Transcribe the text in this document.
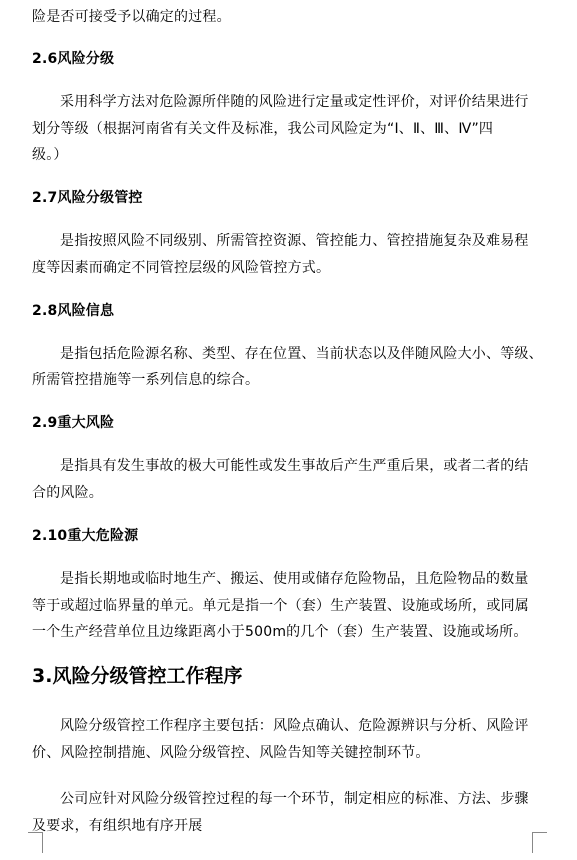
险是否可接受予以确定的过程。
2.6风险分级
采用科学方法对危险源所伴随的风险进行定量或定性评价，对评价结果进行
划分等级（根据河南省有关文件及标准，我公司风险定为“Ⅰ、Ⅱ、Ⅲ、Ⅳ”四
级。）
2.7风险分级管控
是指按照风险不同级别、所需管控资源、管控能力、管控措施复杂及难易程
度等因素而确定不同管控层级的风险管控方式。
2.8风险信息
是指包括危险源名称、类型、存在位置、当前状态以及伴随风险大小、等级、
所需管控措施等一系列信息的综合。
2.9重大风险
是指具有发生事故的极大可能性或发生事故后产生严重后果，或者二者的结
合的风险。
2.10重大危险源
是指长期地或临时地生产、搬运、使用或储存危险物品，且危险物品的数量
等于或超过临界量的单元。单元是指一个（套）生产装置、设施或场所，或同属
一个生产经营单位且边缘距离小于500m的几个（套）生产装置、设施或场所。
3.风险分级管控工作程序
风险分级管控工作程序主要包括：风险点确认、危险源辨识与分析、风险评
价、风险控制措施、风险分级管控、风险告知等关键控制环节。
公司应针对风险分级管控过程的每一个环节，制定相应的标准、方法、步骤
及要求，有组织地有序开展
